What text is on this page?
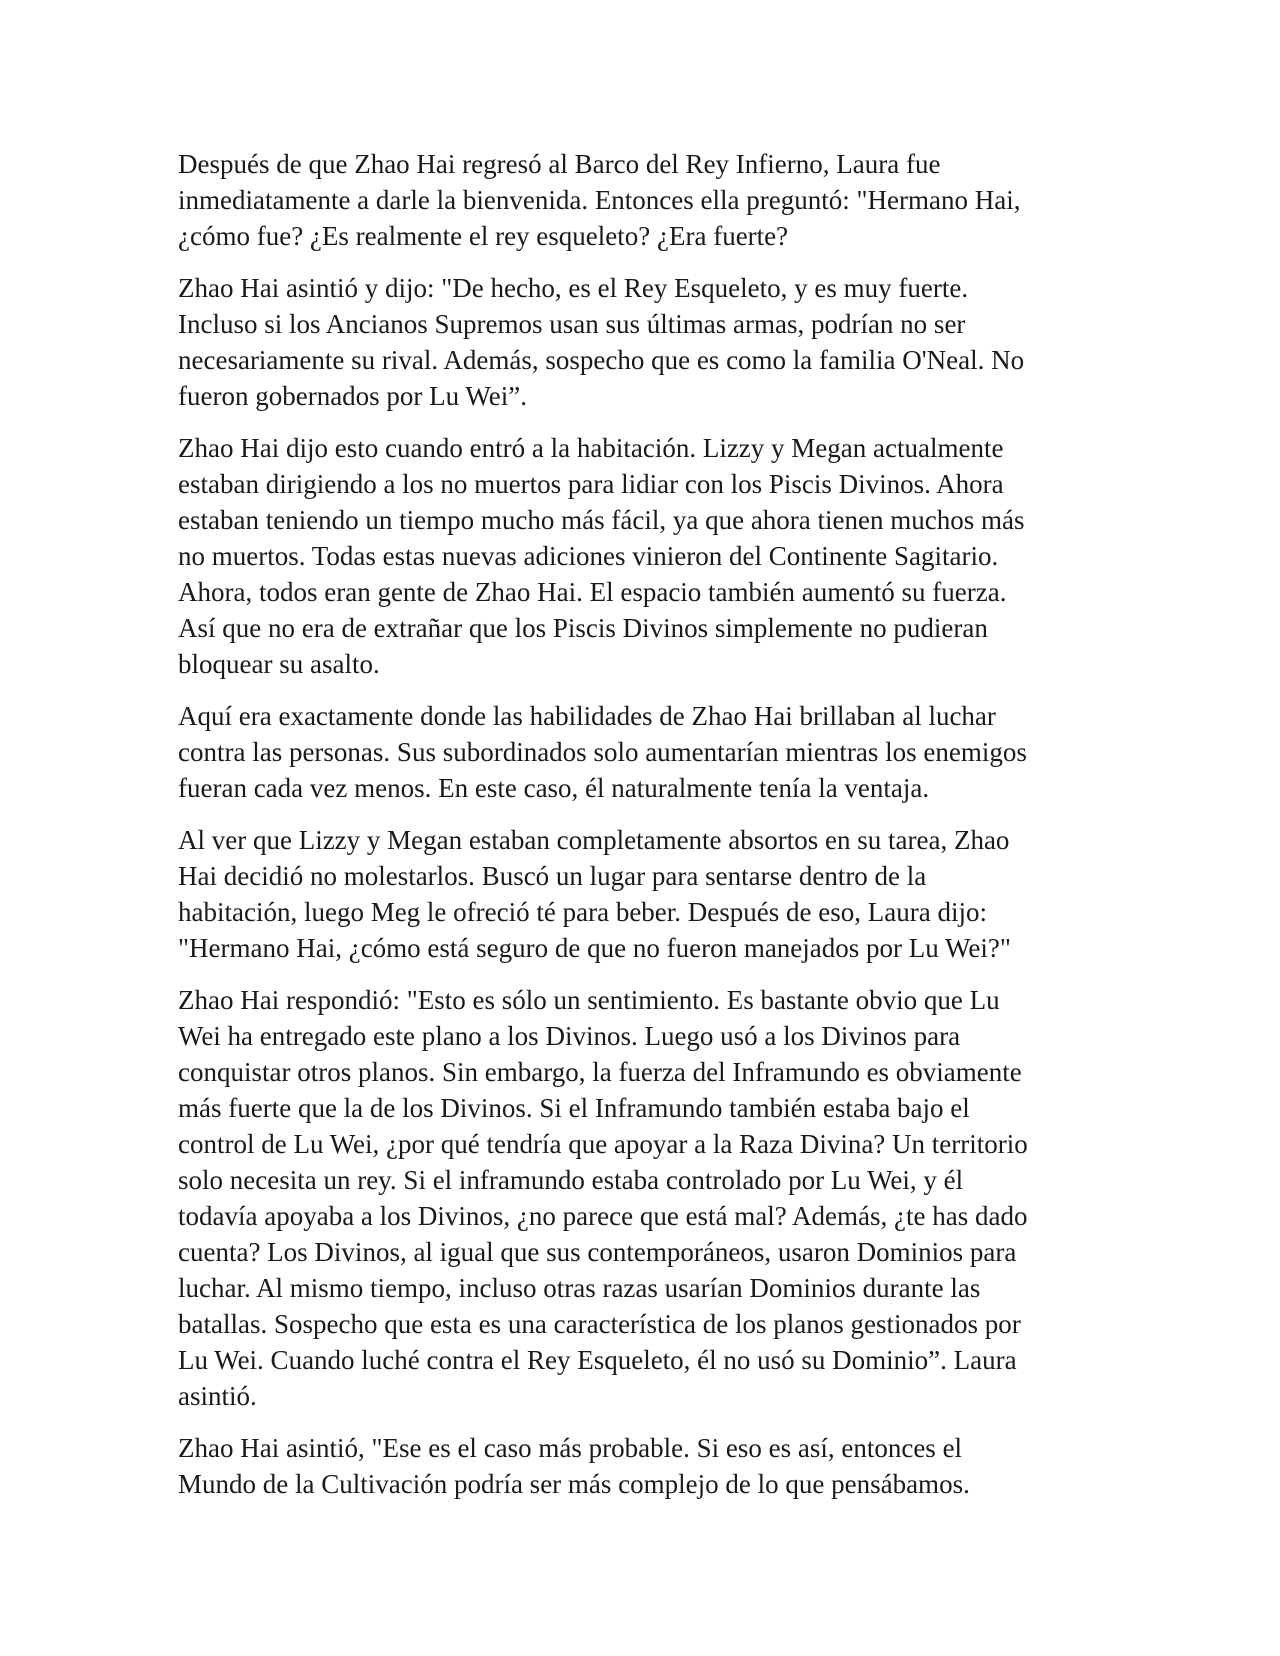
Después de que Zhao Hai regresó al Barco del Rey Infierno, Laura fue
inmediatamente a darle la bienvenida. Entonces ella preguntó: "Hermano Hai,
¿cómo fue? ¿Es realmente el rey esqueleto? ¿Era fuerte?

Zhao Hai asintió y dijo: "De hecho, es el Rey Esqueleto, y es muy fuerte.
Incluso si los Ancianos Supremos usan sus últimas armas, podrían no ser
necesariamente su rival. Además, sospecho que es como la familia O'Neal. No
fueron gobernados por Lu Wei”.

Zhao Hai dijo esto cuando entró a la habitación. Lizzy y Megan actualmente
estaban dirigiendo a los no muertos para lidiar con los Piscis Divinos. Ahora
estaban teniendo un tiempo mucho más fácil, ya que ahora tienen muchos más
no muertos. Todas estas nuevas adiciones vinieron del Continente Sagitario.
Ahora, todos eran gente de Zhao Hai. El espacio también aumentó su fuerza.
Así que no era de extrañar que los Piscis Divinos simplemente no pudieran
bloquear su asalto.

Aquí era exactamente donde las habilidades de Zhao Hai brillaban al luchar
contra las personas. Sus subordinados solo aumentarían mientras los enemigos
fueran cada vez menos. En este caso, él naturalmente tenía la ventaja.

Al ver que Lizzy y Megan estaban completamente absortos en su tarea, Zhao
Hai decidió no molestarlos. Buscó un lugar para sentarse dentro de la
habitación, luego Meg le ofreció té para beber. Después de eso, Laura dijo:
"Hermano Hai, ¿cómo está seguro de que no fueron manejados por Lu Wei?"

Zhao Hai respondió: "Esto es sólo un sentimiento. Es bastante obvio que Lu
Wei ha entregado este plano a los Divinos. Luego usó a los Divinos para
conquistar otros planos. Sin embargo, la fuerza del Inframundo es obviamente
más fuerte que la de los Divinos. Si el Inframundo también estaba bajo el
control de Lu Wei, ¿por qué tendría que apoyar a la Raza Divina? Un territorio
solo necesita un rey. Si el inframundo estaba controlado por Lu Wei, y él
todavía apoyaba a los Divinos, ¿no parece que está mal? Además, ¿te has dado
cuenta? Los Divinos, al igual que sus contemporáneos, usaron Dominios para
luchar. Al mismo tiempo, incluso otras razas usarían Dominios durante las
batallas. Sospecho que esta es una característica de los planos gestionados por
Lu Wei. Cuando luché contra el Rey Esqueleto, él no usó su Dominio”. Laura
asintió.

Zhao Hai asintió, "Ese es el caso más probable. Si eso es así, entonces el
Mundo de la Cultivación podría ser más complejo de lo que pensábamos.
